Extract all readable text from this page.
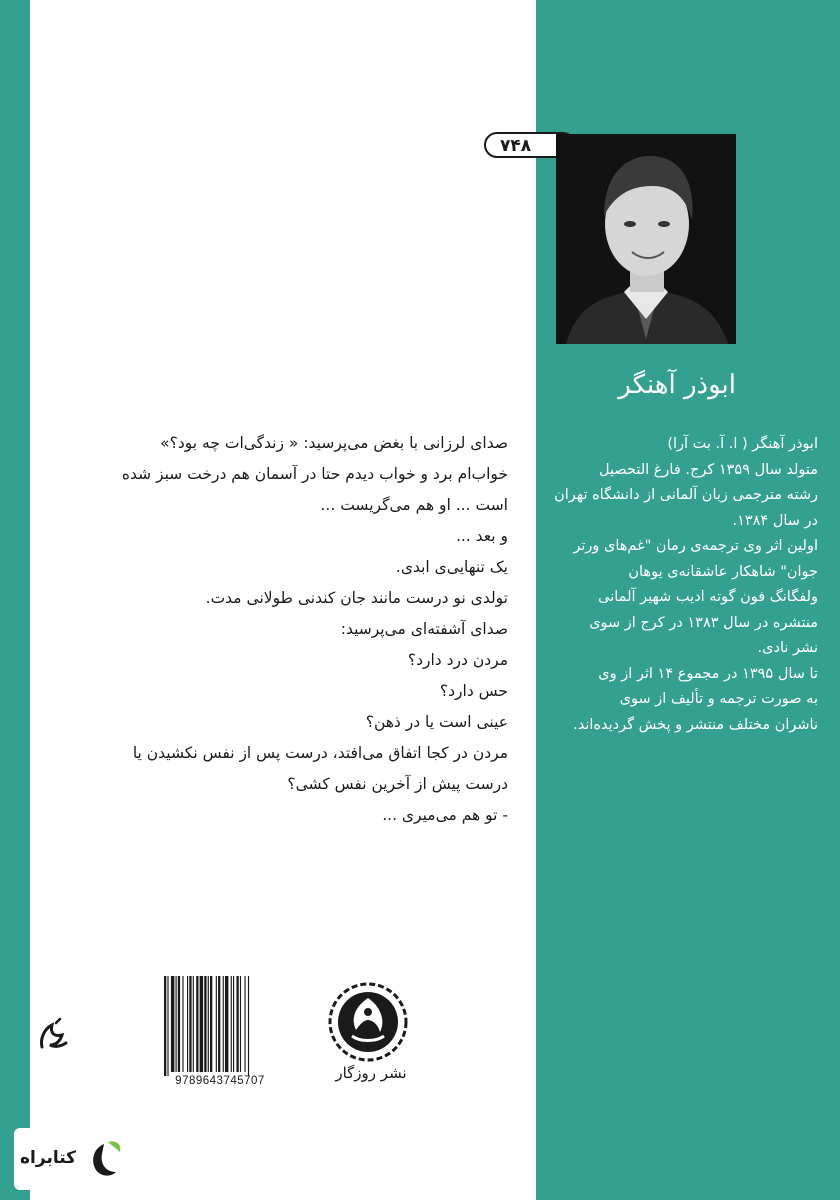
۷۴۸
ابوذر آهنگر

ابوذر آهنگر ( ا. آ. بت آرا)

متولد سال ۱۳۵۹ کرج. فارغ التحصیل

رشته مترجمی زبان آلمانی از دانشگاه تهران

در سال ۱۳۸۴.

اولین اثر وی ترجمه‌ی رمان "غم‌های ورتر

جوان" شاهکار عاشقانه‌ی یوهان

ولفگانگ فون گوته ادیب شهیر آلمانی

منتشره در سال ۱۳۸۳ در کرج از سوی

نشر نادی.

تا سال ۱۳۹۵ در مجموع ۱۴ اثر از وی

به صورت ترجمه و تألیف از سوی

ناشران مختلف منتشر و پخش گردیده‌اند.

صدای لرزانی با بغض می‌پرسید: « زندگی‌ات چه بود؟»

خواب‌ام برد و خواب دیدم حتا در آسمان هم درخت سبز شده

است ... او هم می‌گریست ...

و بعد ...

یک تنهایی‌ی ابدی.

تولدی نو درست مانند جان کندنی طولانی مدت.

صدای آشفته‌ای می‌پرسید:

مردن درد دارد؟

حس دارد؟

عینی است یا در ذهن؟

مردن در کجا اتفاق می‌افتد، درست پس از نفس نکشیدن یا

درست پیش از آخرین نفس کشی؟

- تو هم می‌میری ...

9789643745707	نشر روزگار
کتابراه
